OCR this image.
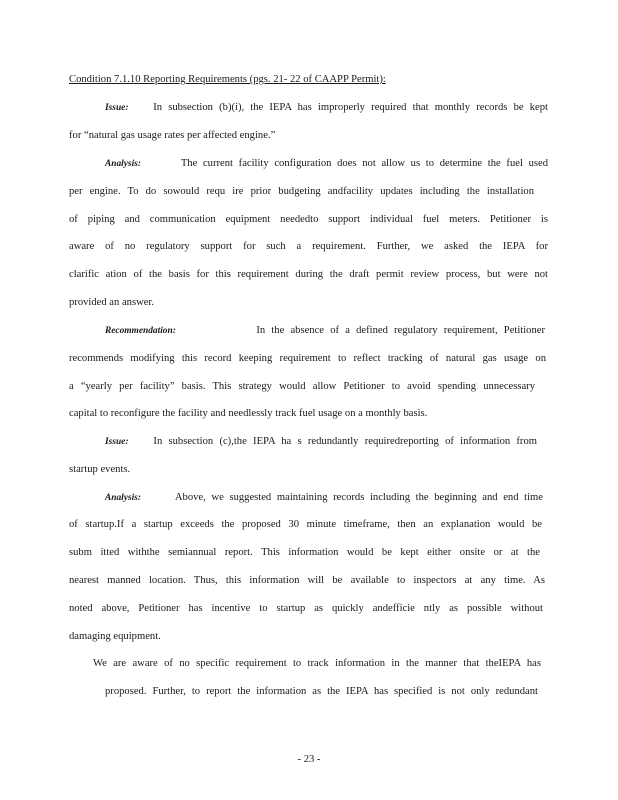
Condition 7.1.10 Reporting Requirements (pgs. 21- 22 of CAAPP Permit):
Issue: In subsection (b)(i), the IEPA has improperly required that monthly records be kept
for “natural gas usage rates per affected engine.”
Analysis:	The current facility configuration does not allow us to determine the fuel used
per engine. To do sowould requ ire prior budgeting andfacility updates including the installation
of piping and communication equipment neededto support individual fuel meters. Petitioner is
aware of no regulatory support for such a requirement. Further, we asked the IEPA for
clarific ation of the basis for this requirement during the draft permit review process, but were not
provided an answer.
Recommendation:	In the absence of a defined regulatory requirement, Petitioner
recommends modifying this record keeping requirement to reflect tracking of natural gas usage on
a “yearly per facility” basis. This strategy would allow Petitioner to avoid spending unnecessary
capital to reconfigure the facility and needlessly track fuel usage on a monthly basis.
Issue: In subsection (c),the IEPA ha s redundantly requiredreporting of information from
startup events.
Analysis:	Above, we suggested maintaining records including the beginning and end time
of startup.If a startup exceeds the proposed 30 minute timeframe, then an explanation would be
subm itted withthe semiannual report. This information would be kept either onsite or at the
nearest manned location. Thus, this information will be available to inspectors at any time. As
noted above, Petitioner has incentive to startup as quickly andefficie ntly as possible without
damaging equipment.
We are aware of no specific requirement to track information in the manner that theIEPA has
proposed. Further, to report the information as the IEPA has specified is not only redundant
- 23 -
